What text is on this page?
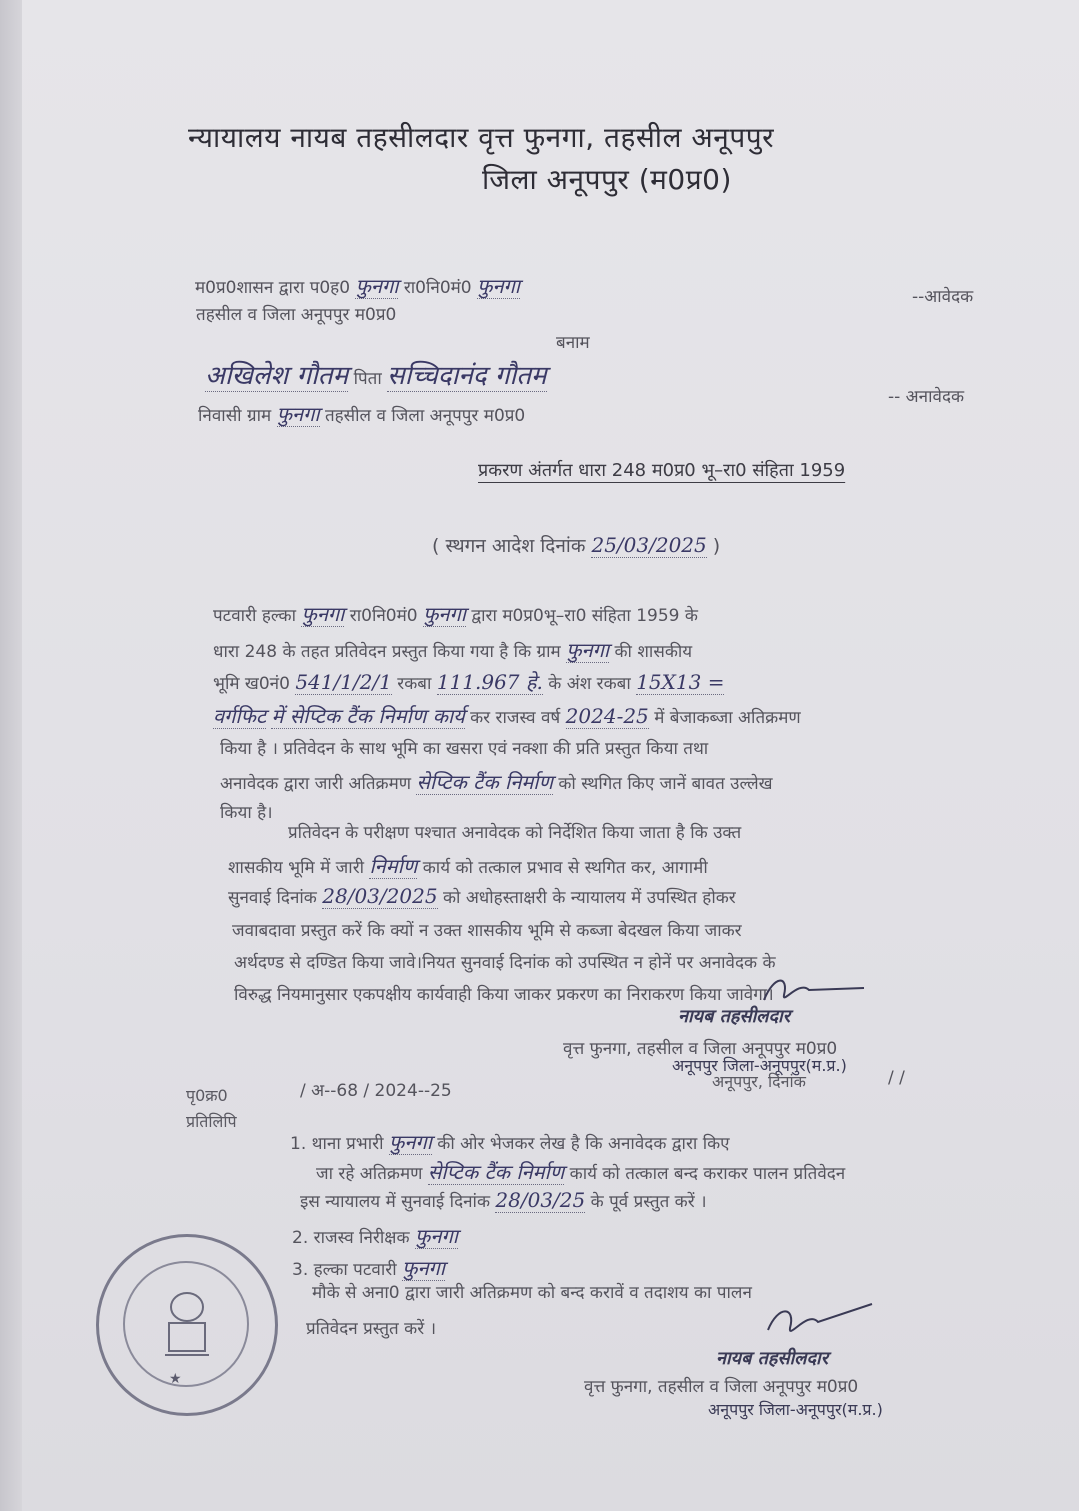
न्यायालय नायब तहसीलदार वृत्त फुनगा, तहसील अनूपपुर
जिला अनूपपुर (म0प्र0)
म0प्र0शासन द्वारा प0ह0 फुनगा रा0नि0मं0 फुनगा
तहसील व जिला अनूपपुर म0प्र0
--आवेदक
बनाम
अखिलेश गौतम पिता सच्चिदानंद गौतम
निवासी ग्राम फुनगा तहसील व जिला अनूपपुर म0प्र0
-- अनावेदक
प्रकरण अंतर्गत धारा 248 म0प्र0 भू–रा0 संहिता 1959
( स्थगन आदेश दिनांक 25/03/2025 )
पटवारी हल्का फुनगा रा0नि0मं0 फुनगा द्वारा म0प्र0भू–रा0 संहिता 1959 के
धारा 248 के तहत प्रतिवेदन प्रस्तुत किया गया है कि ग्राम फुनगा की शासकीय
भूमि ख0नं0 541/1/2/1 रकबा 111.967 हे. के अंश रकबा 15X13 =
वर्गफिट में सेप्टिक टैंक निर्माण कार्य कर राजस्व वर्ष 2024-25 में बेजाकब्जा अतिक्रमण
किया है । प्रतिवेदन के साथ भूमि का खसरा एवं नक्शा की प्रति प्रस्तुत किया तथा
अनावेदक द्वारा जारी अतिक्रमण सेप्टिक टैंक निर्माण को स्थगित किए जानें बावत उल्लेख
किया है।
प्रतिवेदन के परीक्षण पश्चात अनावेदक को निर्देशित किया जाता है कि उक्त
शासकीय भूमि में जारी निर्माण कार्य को तत्काल प्रभाव से स्थगित कर, आगामी
सुनवाई दिनांक 28/03/2025 को अधोहस्ताक्षरी के न्यायालय में उपस्थित होकर
जवाबदावा प्रस्तुत करें कि क्यों न उक्त शासकीय भूमि से कब्जा बेदखल किया जाकर
अर्थदण्ड से दण्डित किया जावे।नियत सुनवाई दिनांक को उपस्थित न होनें पर अनावेदक के
विरुद्ध नियमानुसार एकपक्षीय कार्यवाही किया जाकर प्रकरण का निराकरण किया जावेगा।
नायब तहसीलदार
वृत्त फुनगा, तहसील व जिला अनूपपुर म0प्र0
अनूपपुर जिला-अनूपपुर(म.प्र.)
अनूपपुर, दिनांक	/ /
पृ0क्र0	/ अ--68 / 2024--25
प्रतिलिपि
1. थाना प्रभारी फुनगा की ओर भेजकर लेख है कि अनावेदक द्वारा किए
जा रहे अतिक्रमण सेप्टिक टैंक निर्माण कार्य को तत्काल बन्द कराकर पालन प्रतिवेदन
इस न्यायालय में सुनवाई दिनांक 28/03/25 के पूर्व प्रस्तुत करें ।
2. राजस्व निरीक्षक फुनगा
3. हल्का पटवारी फुनगा
मौके से अना0 द्वारा जारी अतिक्रमण को बन्द करावें व तदाशय का पालन
प्रतिवेदन प्रस्तुत करें ।
नायब तहसीलदार
वृत्त फुनगा, तहसील व जिला अनूपपुर म0प्र0
अनूपपुर जिला-अनूपपुर(म.प्र.)
★
